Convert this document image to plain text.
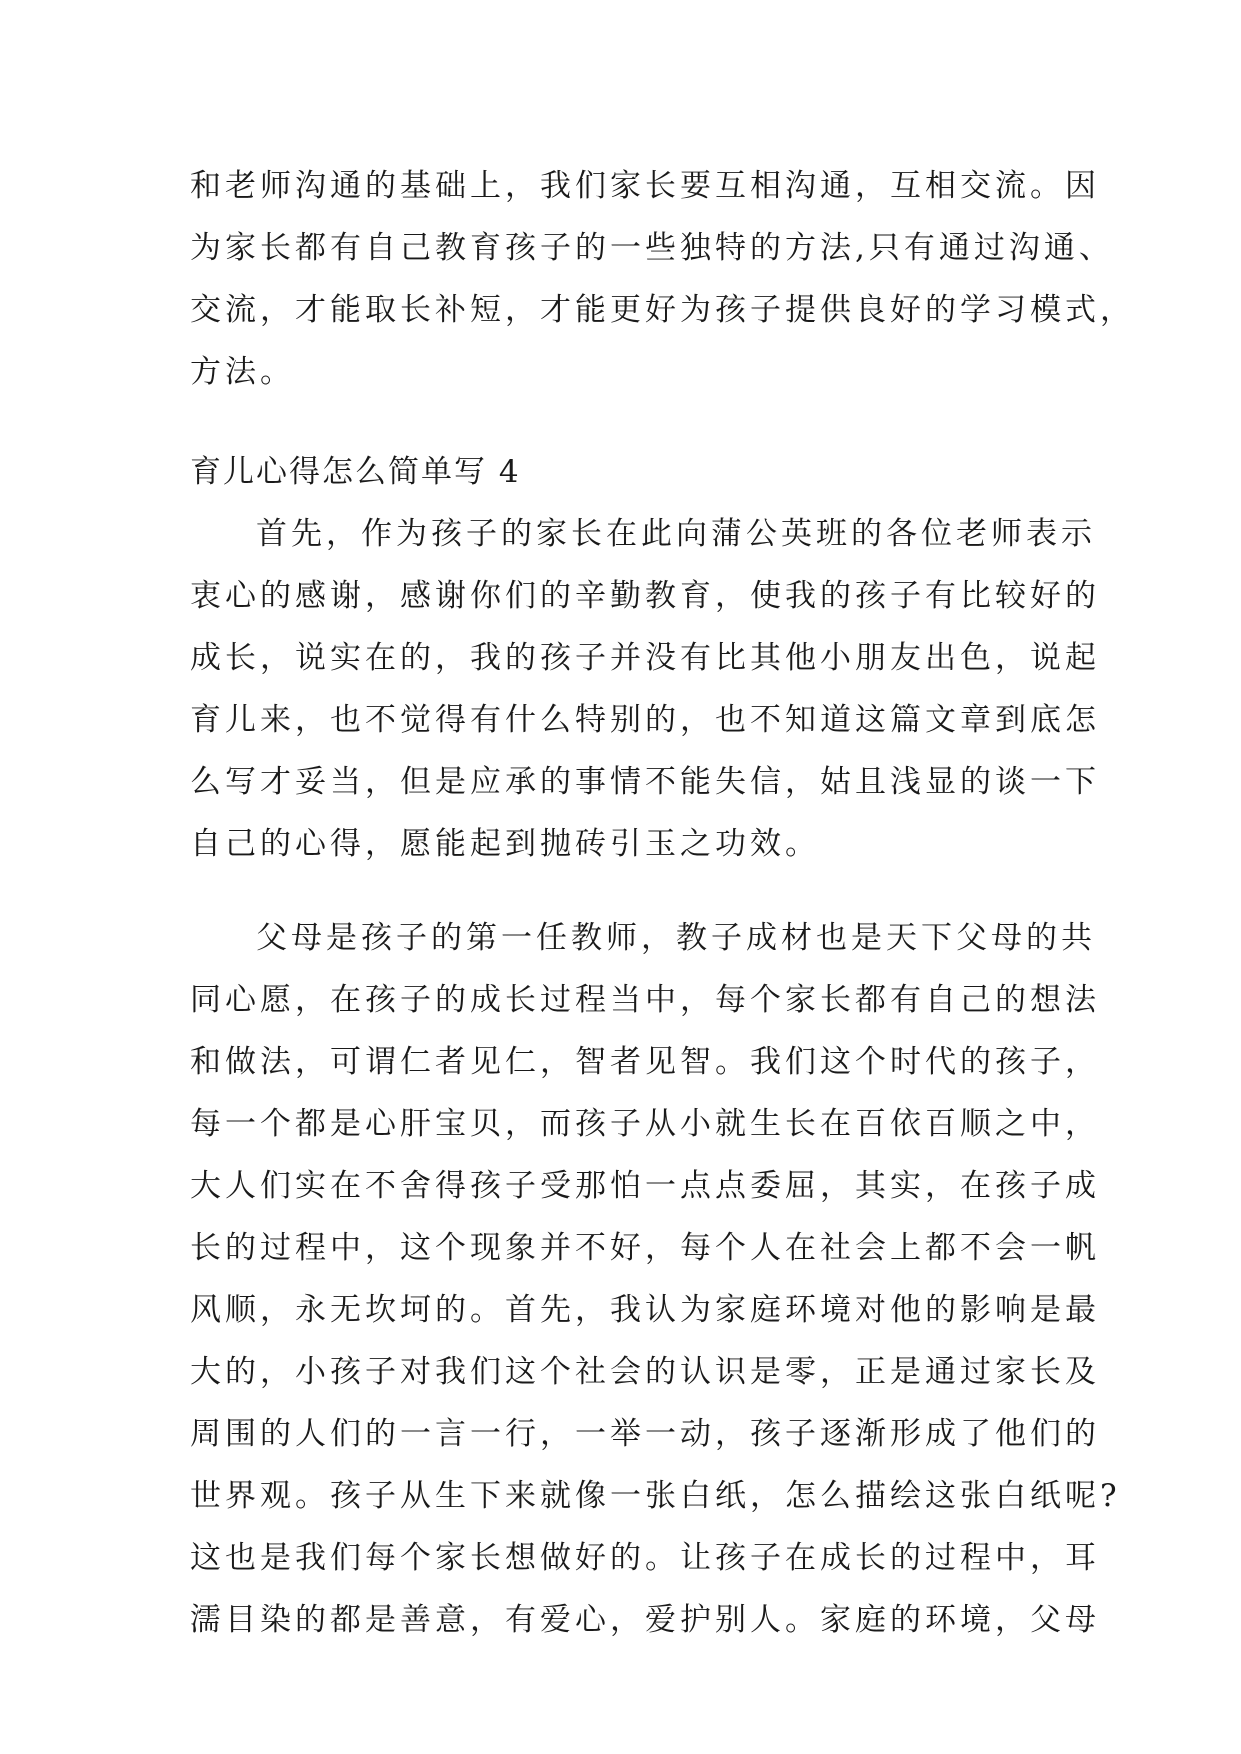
和老师沟通的基础上，我们家长要互相沟通，互相交流。因
为家长都有自己教育孩子的一些独特的方法,只有通过沟通、
交流，才能取长补短，才能更好为孩子提供良好的学习模式，
方法。
育儿心得怎么简单写 4
首先，作为孩子的家长在此向蒲公英班的各位老师表示
衷心的感谢，感谢你们的辛勤教育，使我的孩子有比较好的
成长，说实在的，我的孩子并没有比其他小朋友出色，说起
育儿来，也不觉得有什么特别的，也不知道这篇文章到底怎
么写才妥当，但是应承的事情不能失信，姑且浅显的谈一下
自己的心得，愿能起到抛砖引玉之功效。
父母是孩子的第一任教师，教子成材也是天下父母的共
同心愿，在孩子的成长过程当中，每个家长都有自己的想法
和做法，可谓仁者见仁，智者见智。我们这个时代的孩子，
每一个都是心肝宝贝，而孩子从小就生长在百依百顺之中，
大人们实在不舍得孩子受那怕一点点委屈，其实，在孩子成
长的过程中，这个现象并不好，每个人在社会上都不会一帆
风顺，永无坎坷的。首先，我认为家庭环境对他的影响是最
大的，小孩子对我们这个社会的认识是零，正是通过家长及
周围的人们的一言一行，一举一动，孩子逐渐形成了他们的
世界观。孩子从生下来就像一张白纸，怎么描绘这张白纸呢?
这也是我们每个家长想做好的。让孩子在成长的过程中，耳
濡目染的都是善意，有爱心，爱护别人。家庭的环境，父母
